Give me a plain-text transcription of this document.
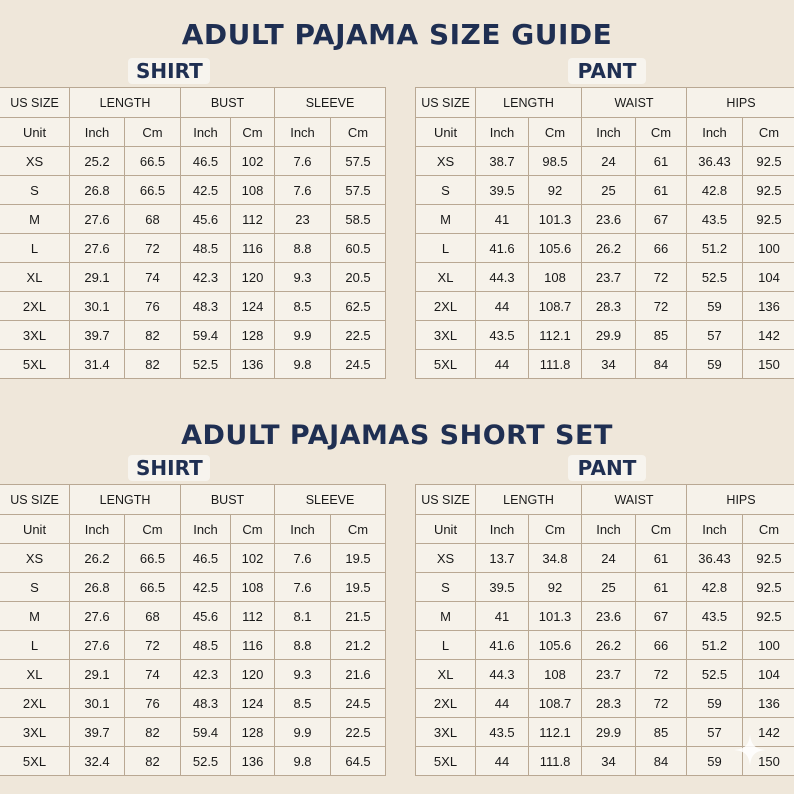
ADULT PAJAMA SIZE GUIDE
SHIRT	PANT
US SIZE	LENGTH		BUST		SLEEVE	
Unit	Inch	Cm	Inch	Cm	Inch	Cm
XS	25.2	66.5	46.5	102	7.6	57.5
S	26.8	66.5	42.5	108	7.6	57.5
M	27.6	68	45.6	112	23	58.5
L	27.6	72	48.5	116	8.8	60.5
XL	29.1	74	42.3	120	9.3	20.5
2XL	30.1	76	48.3	124	8.5	62.5
3XL	39.7	82	59.4	128	9.9	22.5
5XL	31.4	82	52.5	136	9.8	24.5
US SIZE	LENGTH		WAIST		HIPS	
Unit	Inch	Cm	Inch	Cm	Inch	Cm
XS	38.7	98.5	24	61	36.43	92.5
S	39.5	92	25	61	42.8	92.5
M	41	101.3	23.6	67	43.5	92.5
L	41.6	105.6	26.2	66	51.2	100
XL	44.3	108	23.7	72	52.5	104
2XL	44	108.7	28.3	72	59	136
3XL	43.5	112.1	29.9	85	57	142
5XL	44	111.8	34	84	59	150
ADULT PAJAMAS SHORT SET
SHIRT	PANT
US SIZE	LENGTH		BUST		SLEEVE	
Unit	Inch	Cm	Inch	Cm	Inch	Cm
XS	26.2	66.5	46.5	102	7.6	19.5
S	26.8	66.5	42.5	108	7.6	19.5
M	27.6	68	45.6	112	8.1	21.5
L	27.6	72	48.5	116	8.8	21.2
XL	29.1	74	42.3	120	9.3	21.6
2XL	30.1	76	48.3	124	8.5	24.5
3XL	39.7	82	59.4	128	9.9	22.5
5XL	32.4	82	52.5	136	9.8	64.5
US SIZE	LENGTH		WAIST		HIPS	
Unit	Inch	Cm	Inch	Cm	Inch	Cm
XS	13.7	34.8	24	61	36.43	92.5
S	39.5	92	25	61	42.8	92.5
M	41	101.3	23.6	67	43.5	92.5
L	41.6	105.6	26.2	66	51.2	100
XL	44.3	108	23.7	72	52.5	104
2XL	44	108.7	28.3	72	59	136
3XL	43.5	112.1	29.9	85	57	142
5XL	44	111.8	34	84	59	150
